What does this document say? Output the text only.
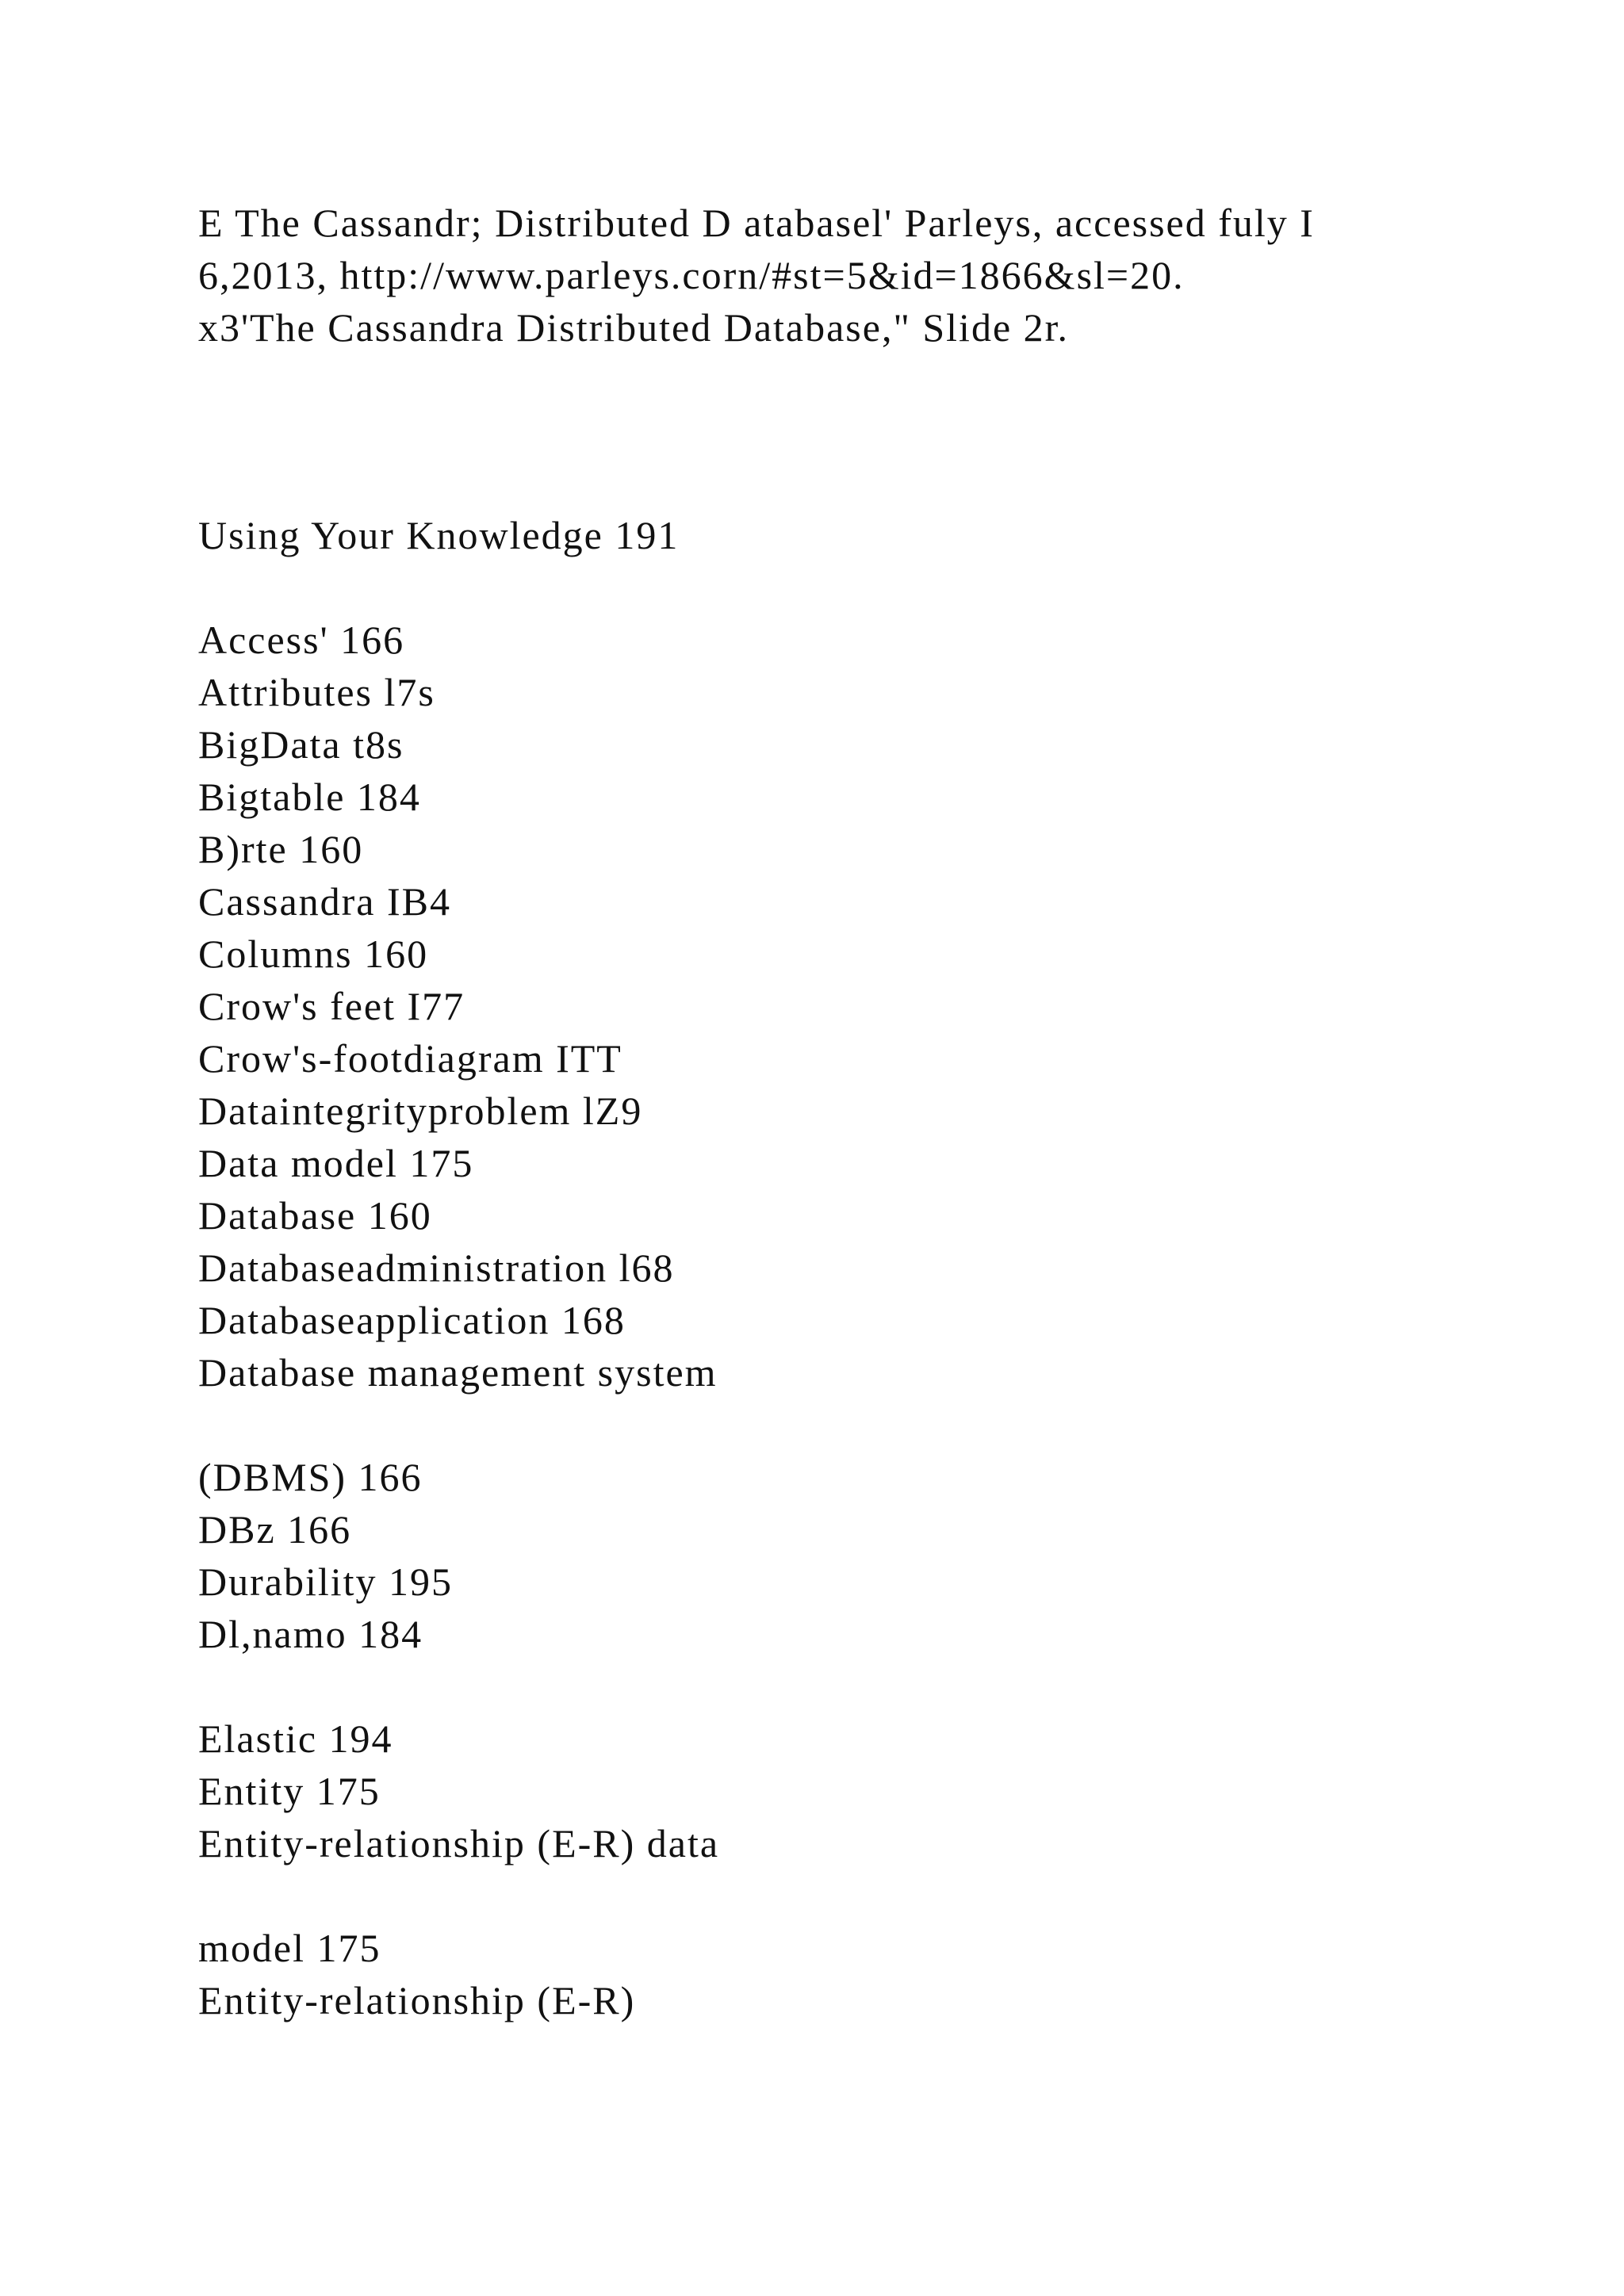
E The Cassandr; Distributed D atabasel' Parleys, accessed fuly I
6,2013, http://www.parleys.corn/#st=5&id=1866&sl=20.
x3'The Cassandra Distributed Database," Slide 2r.
Using Your Knowledge 191
Access' 166
Attributes l7s
BigData t8s
Bigtable 184
B)rte 160
Cassandra IB4
Columns 160
Crow's feet I77
Crow's-footdiagram ITT
Dataintegrityproblem lZ9
Data model 175
Database 160
Databaseadministration l68
Databaseapplication 168
Database management system
(DBMS) 166
DBz 166
Durability 195
Dl,namo 184
Elastic 194
Entity 175
Entity-relationship (E-R) data
model 175
Entity-relationship (E-R)
